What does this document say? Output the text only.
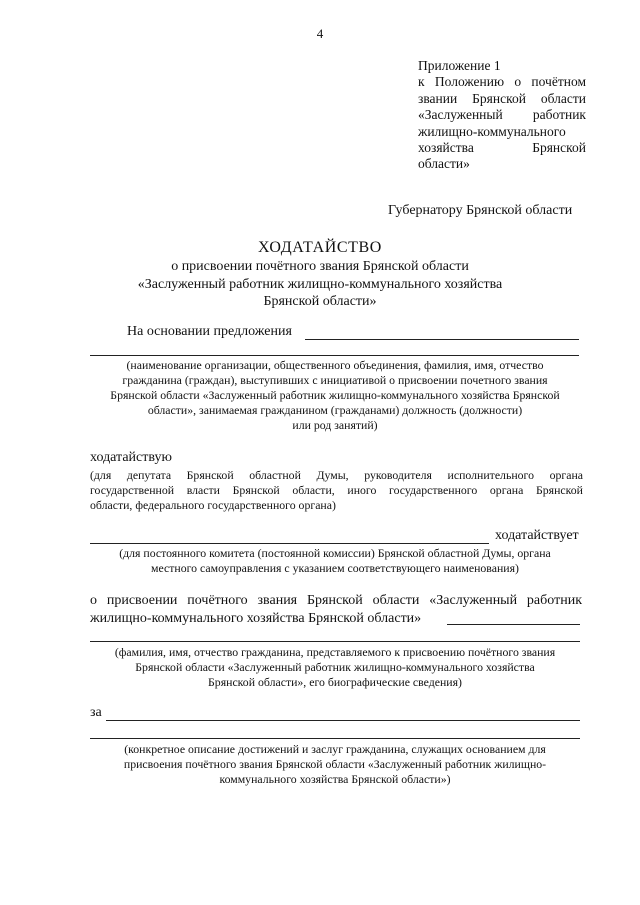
4
Приложение 1
к Положению о почётном
звании Брянской области
«Заслуженный работник
жилищно-коммунального
хозяйства Брянской
области»
Губернатору Брянской области
ХОДАТАЙСТВО
о присвоении почётного звания Брянской области
«Заслуженный работник жилищно-коммунального хозяйства
Брянской области»
На основании предложения
(наименование организации, общественного объединения, фамилия, имя, отчество
гражданина (граждан), выступивших с инициативой о присвоении почетного звания
Брянской области «Заслуженный работник жилищно-коммунального хозяйства Брянской
области», занимаемая гражданином (гражданами) должность (должности)
или род занятий)
ходатайствую
(для депутата Брянской областной Думы, руководителя исполнительного органа
государственной власти Брянской области, иного государственного органа Брянской
области, федерального государственного органа)
ходатайствует
(для постоянного комитета (постоянной комиссии) Брянской областной Думы, органа
местного самоуправления с указанием соответствующего наименования)
о присвоении почётного звания Брянской области «Заслуженный работник
жилищно-коммунального хозяйства Брянской области»
(фамилия, имя, отчество гражданина, представляемого к присвоению почётного звания
Брянской области «Заслуженный работник жилищно-коммунального хозяйства
Брянской области», его биографические сведения)
за
(конкретное описание достижений и заслуг гражданина, служащих основанием для
присвоения почётного звания Брянской области «Заслуженный работник жилищно-
коммунального хозяйства Брянской области»)
